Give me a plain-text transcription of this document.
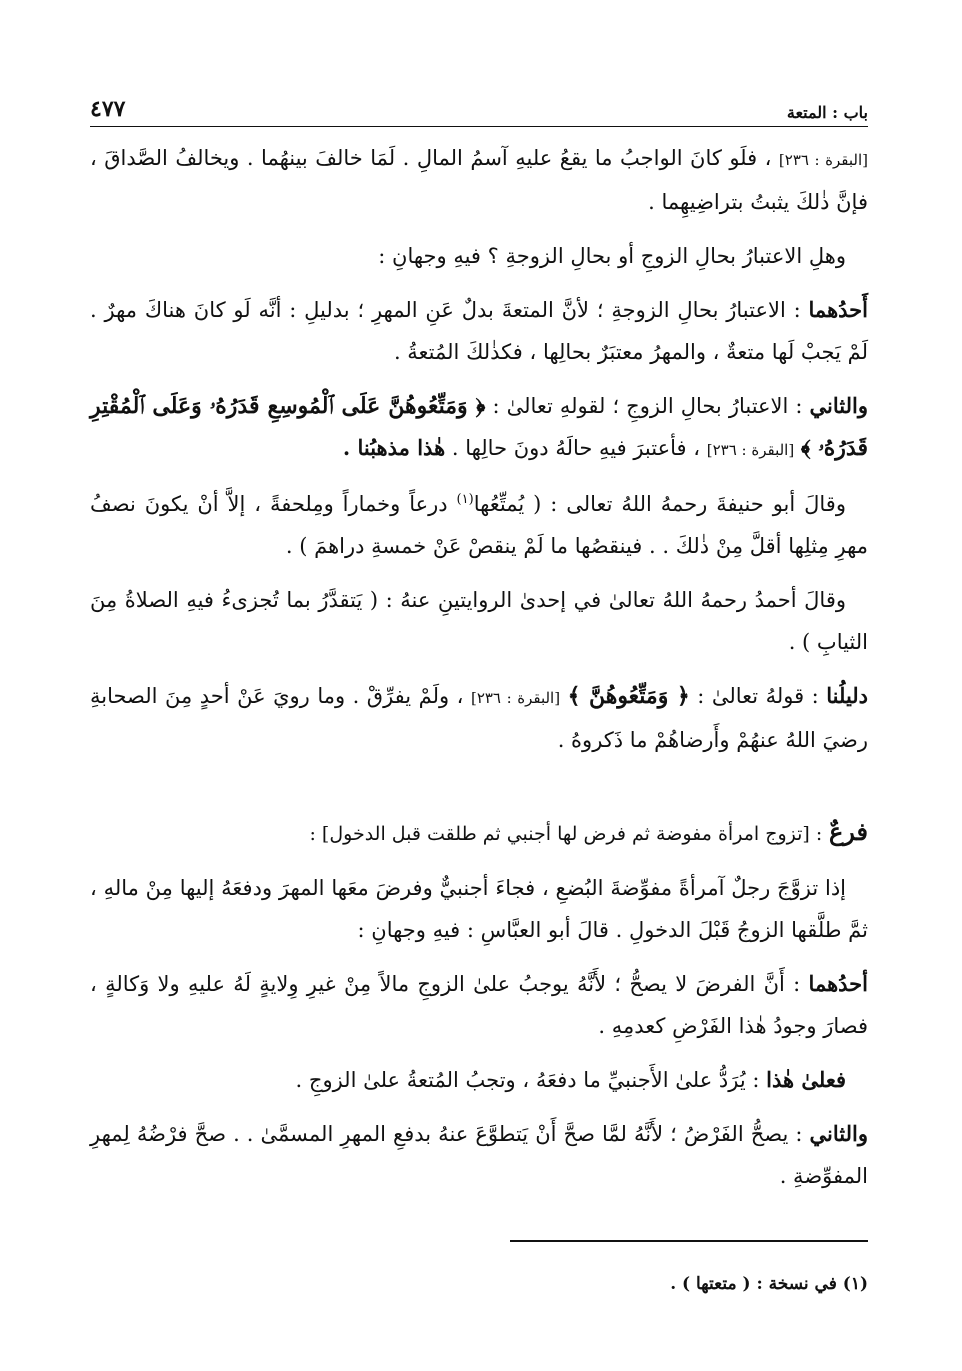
باب : المتعة
٤٧٧

[البقرة : ٢٣٦] ، فلَو كانَ الواجبُ ما يقعُ عليهِ آسمُ المالِ . لَمَا خالفَ بينهُما . ويخالفُ الصَّداقَ ، فإنَّ ذٰلكَ يثبتُ بتراضِيهِما .

وهلِ الاعتبارُ بحالِ الزوجِ أو بحالِ الزوجةِ ؟ فيهِ وجهانِ :

أَحدُهما : الاعتبارُ بحالِ الزوجةِ ؛ لأنَّ المتعةَ بدلٌ عَنِ المهرِ ؛ بدليلِ : أنَّه لَو كانَ هناكَ مهرٌ . لَمْ يَجبْ لَها متعةٌ ، والمهرُ معتبَرٌ بحالِها ، فكذٰلكَ المُتعةُ .

والثاني : الاعتبارُ بحالِ الزوجِ ؛ لقولهِ تعالىٰ : ﴿ وَمَتِّعُوهُنَّ عَلَى ٱلْمُوسِعِ قَدَرُهُۥ وَعَلَى ٱلْمُقْتِرِ قَدَرُهُۥ ﴾ [البقرة : ٢٣٦] ، فأعتبرَ فيهِ حالَهُ دونَ حالِها . هٰذا مذهبُنا .

وقالَ أبو حنيفةَ رحمهُ اللهُ تعالى : ( يُمتِّعُها$^{(١)}$ درعاً وخماراً ومِلحفةً ، إلاَّ أنْ يكونَ نصفُ مهرِ مِثلِها أقلَّ مِنْ ذٰلكَ . . فينقصُها ما لَمْ ينقصْ عَنْ خمسةِ دراهمَ ) .

وقالَ أحمدُ رحمهُ اللهُ تعالىٰ في إحدىٰ الروايتينِ عنهُ : ( يَتقدَّرُ بما تُجزىءُ فيهِ الصلاةُ مِنَ الثيابِ ) .

دليلُنا : قولهُ تعالىٰ : ﴿ وَمَتِّعُوهُنَّ ﴾ [البقرة : ٢٣٦] ، ولَمْ يفرِّقْ . وما رويَ عَنْ أحدٍ مِنَ الصحابةِ رضيَ اللهُ عنهُمْ وأَرضاهُمْ ما ذَكروهُ .

فرعٌ : [تزوج امرأة مفوضة ثم فرض لها أجنبي ثم طلقت قبل الدخول] :

إذا تزوَّجَ رجلٌ آمرأةً مفوِّضةَ البُضعِ ، فجاءَ أجنبيٌّ وفرضَ معَها المهرَ ودفعَهُ إليها مِنْ مالهِ ، ثمَّ طلَّقها الزوجُ قَبْلَ الدخولِ . قالَ أبو العبَّاسِ : فيهِ وجهانِ :

أحدُهما : أَنَّ الفرضَ لا يصحُّ ؛ لأَنَّهُ يوجبُ علىٰ الزوجِ مالاً مِنْ غيرِ وِلايةٍ لَهُ عليهِ ولا وَكالةٍ ، فصارَ وجودُ هٰذا الفَرْضِ كعدمِهِ .

فعلىٰ هٰذا : يُرَدُّ علىٰ الأَجنبيِّ ما دفعَهُ ، وتجبُ المُتعةُ علىٰ الزوجِ .

والثاني : يصحُّ الفَرْضُ ؛ لأَنَّهُ لمَّا صحَّ أَنْ يَتطوَّعَ عنهُ بدفعِ المهرِ المسمَّىٰ . . صحَّ فرْضُهُ لِمهرِ المفوِّضةِ .

(١) في نسخة : ( متعتها ) .
